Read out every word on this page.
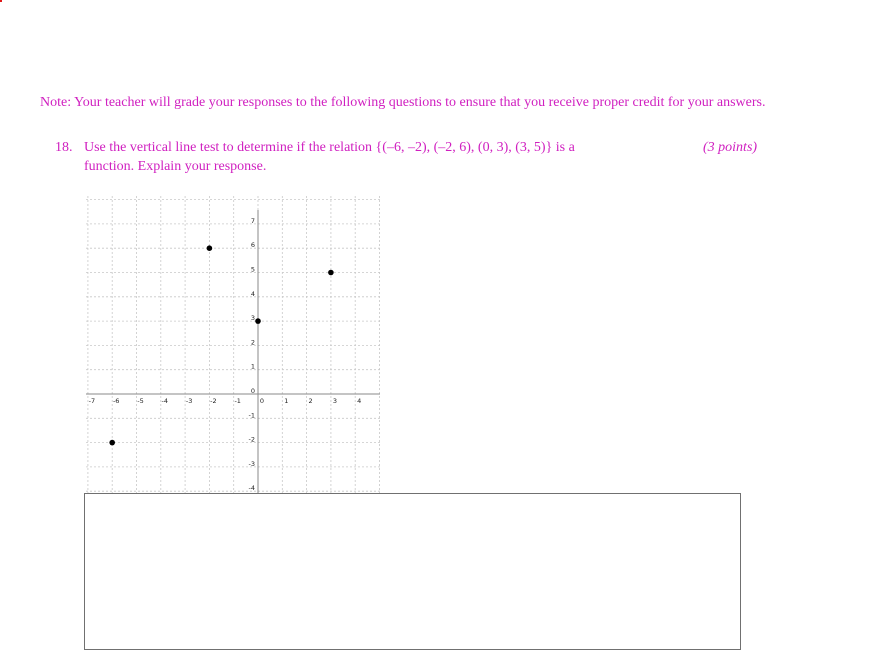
Note: Your teacher will grade your responses to the following questions to ensure that you receive proper credit for your answers.
18. Use the vertical line test to determine if the relation {(–6, –2), (–2, 6), (0, 3), (3, 5)} is a
function. Explain your response.
(3 points)
-7	-6	-5	-4	-3	-2	-1	0	1	2	3	4
-4
-3
-2
-1
0
1
2
3
4
5
6
7
